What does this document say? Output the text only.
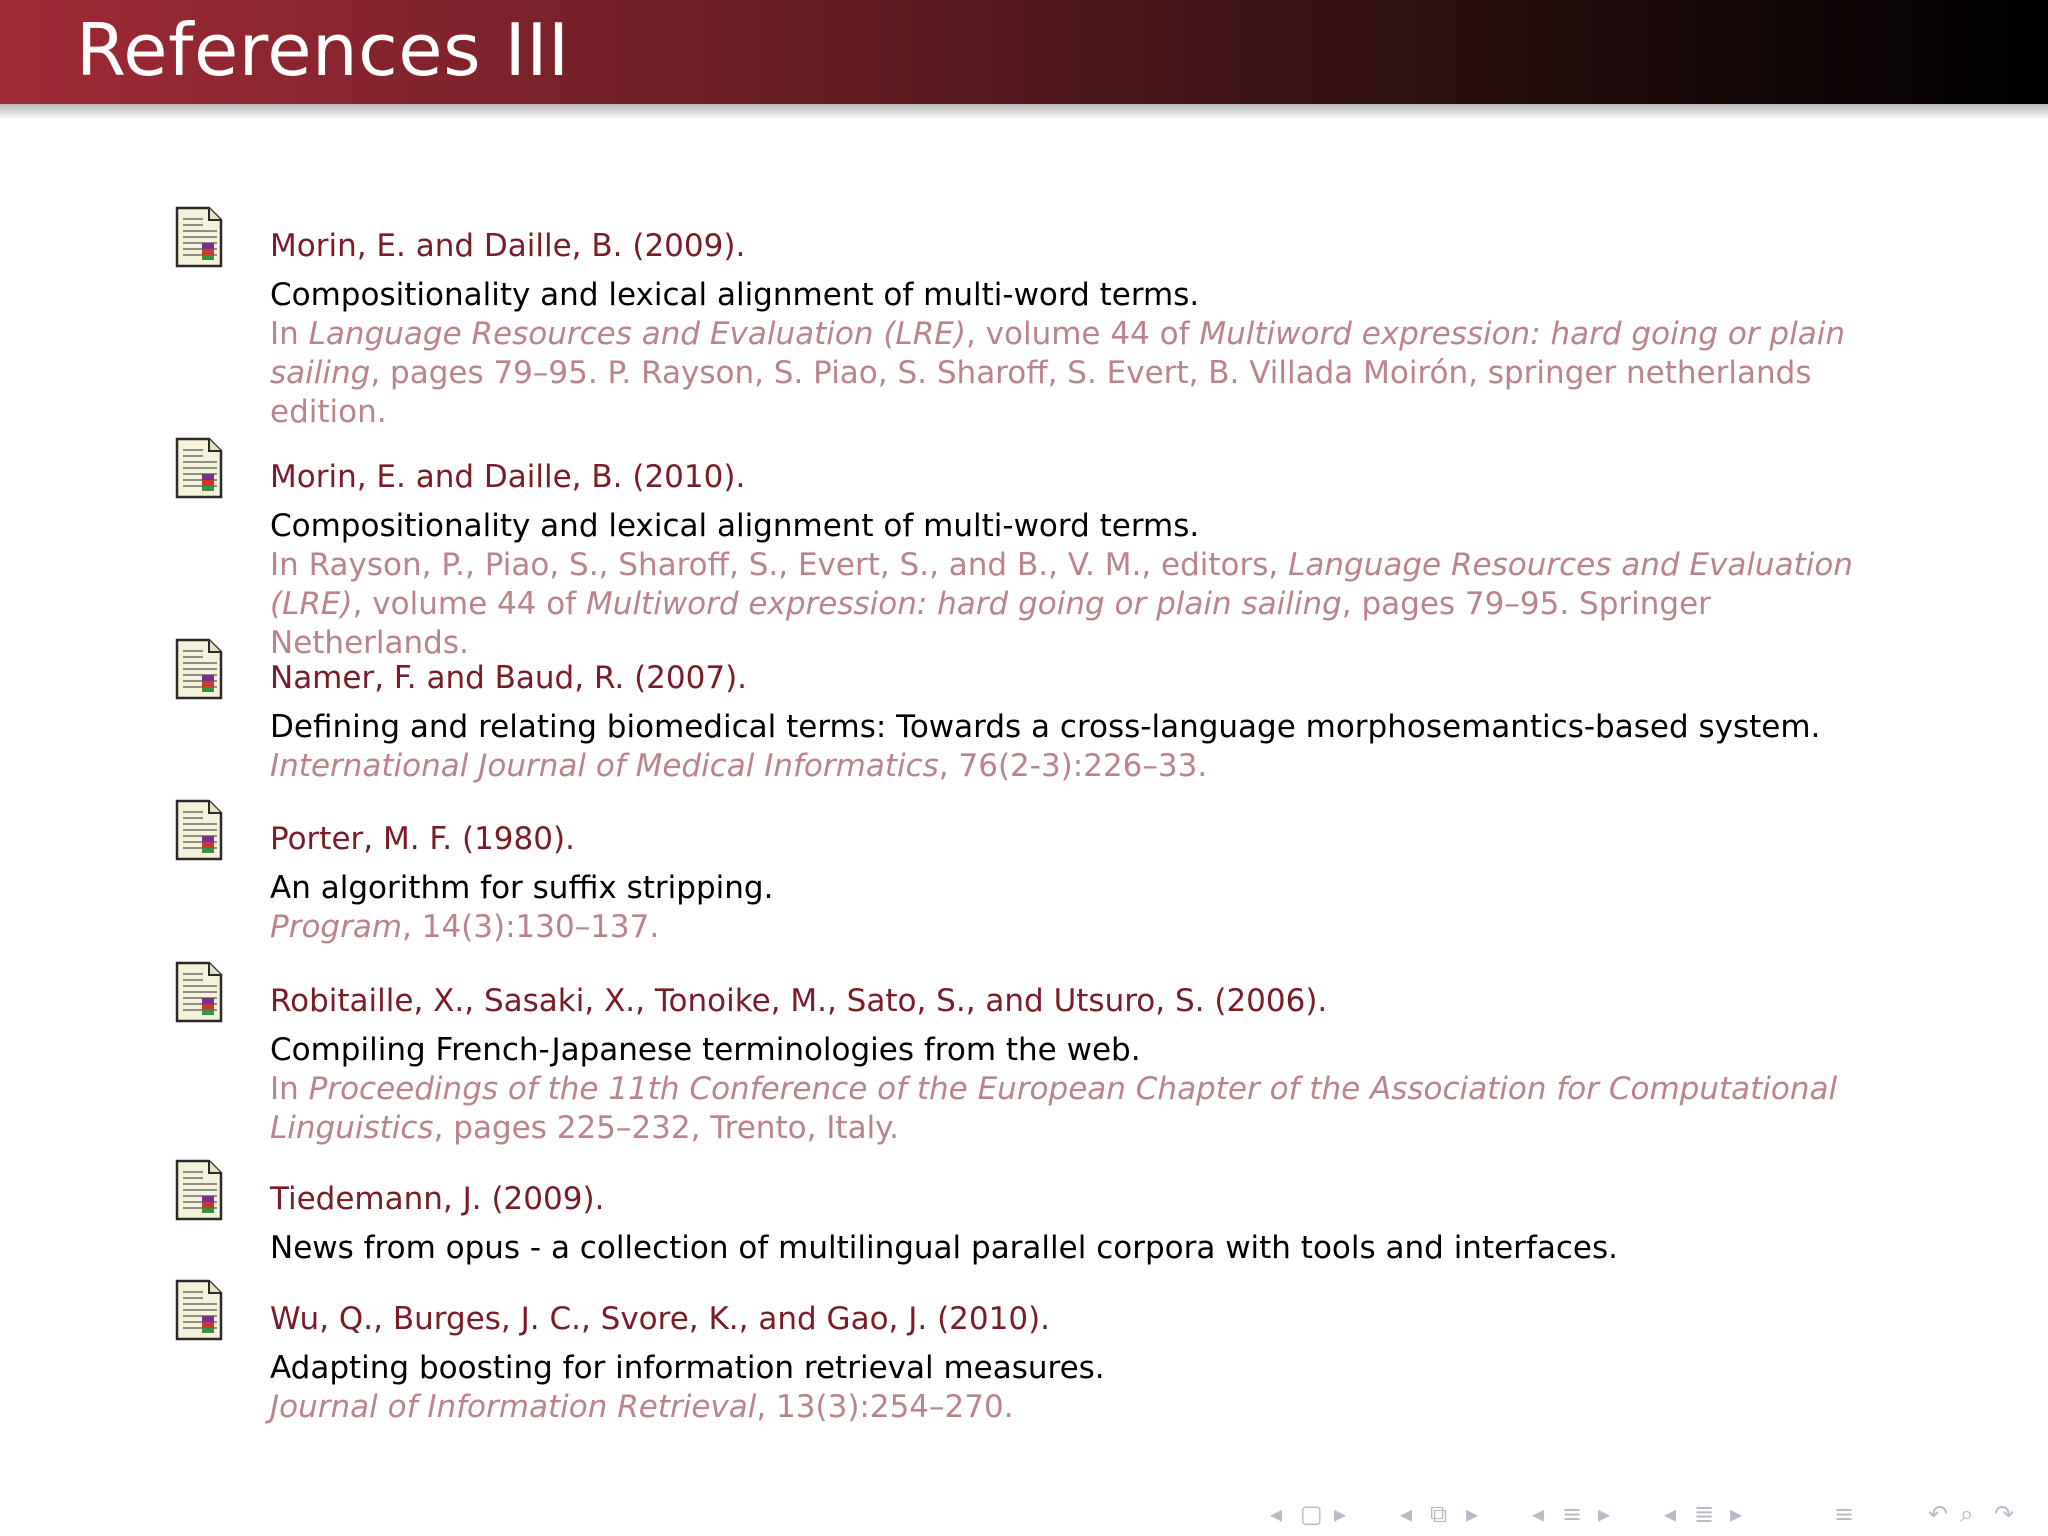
References III
Morin, E. and Daille, B. (2009).
Compositionality and lexical alignment of multi-word terms.
In Language Resources and Evaluation (LRE), volume 44 of Multiword expression: hard going or plain sailing, pages 79–95. P. Rayson, S. Piao, S. Sharoff, S. Evert, B. Villada Moirón, springer netherlands edition.
Morin, E. and Daille, B. (2010).
Compositionality and lexical alignment of multi-word terms.
In Rayson, P., Piao, S., Sharoff, S., Evert, S., and B., V. M., editors, Language Resources and Evaluation (LRE), volume 44 of Multiword expression: hard going or plain sailing, pages 79–95. Springer Netherlands.
Namer, F. and Baud, R. (2007).
Defining and relating biomedical terms: Towards a cross-language morphosemantics-based system.
International Journal of Medical Informatics, 76(2-3):226–33.
Porter, M. F. (1980).
An algorithm for suffix stripping.
Program, 14(3):130–137.
Robitaille, X., Sasaki, X., Tonoike, M., Sato, S., and Utsuro, S. (2006).
Compiling French-Japanese terminologies from the web.
In Proceedings of the 11th Conference of the European Chapter of the Association for Computational Linguistics, pages 225–232, Trento, Italy.
Tiedemann, J. (2009).
News from opus - a collection of multilingual parallel corpora with tools and interfaces.
Wu, Q., Burges, J. C., Svore, K., and Gao, J. (2010).
Adapting boosting for information retrieval measures.
Journal of Information Retrieval, 13(3):254–270.
◂ ▢ ▸ ◂ ⧉ ▸ ◂ ≡ ▸ ◂ ≣ ▸	≡	↶ ⌕ ↷
